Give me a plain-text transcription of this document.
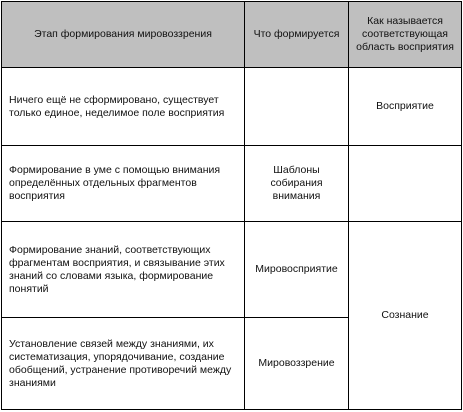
Этап формирования мировоззрения	Что формируется	Как называется соответствующая область восприятия
Ничего ещё не сформировано, существует только единое, неделимое поле восприятия		Восприятие
Формирование в уме с помощью внимания определённых отдельных фрагментов восприятия	Шаблоны собирания внимания	
Формирование знаний, соответствующих фрагментам восприятия, и связывание этих знаний со словами языка, формирование понятий	Мировосприятие	Сознание
Установление связей между знаниями, их систематизация, упорядочивание, создание обобщений, устранение противоречий между знаниями	Мировоззрение	
